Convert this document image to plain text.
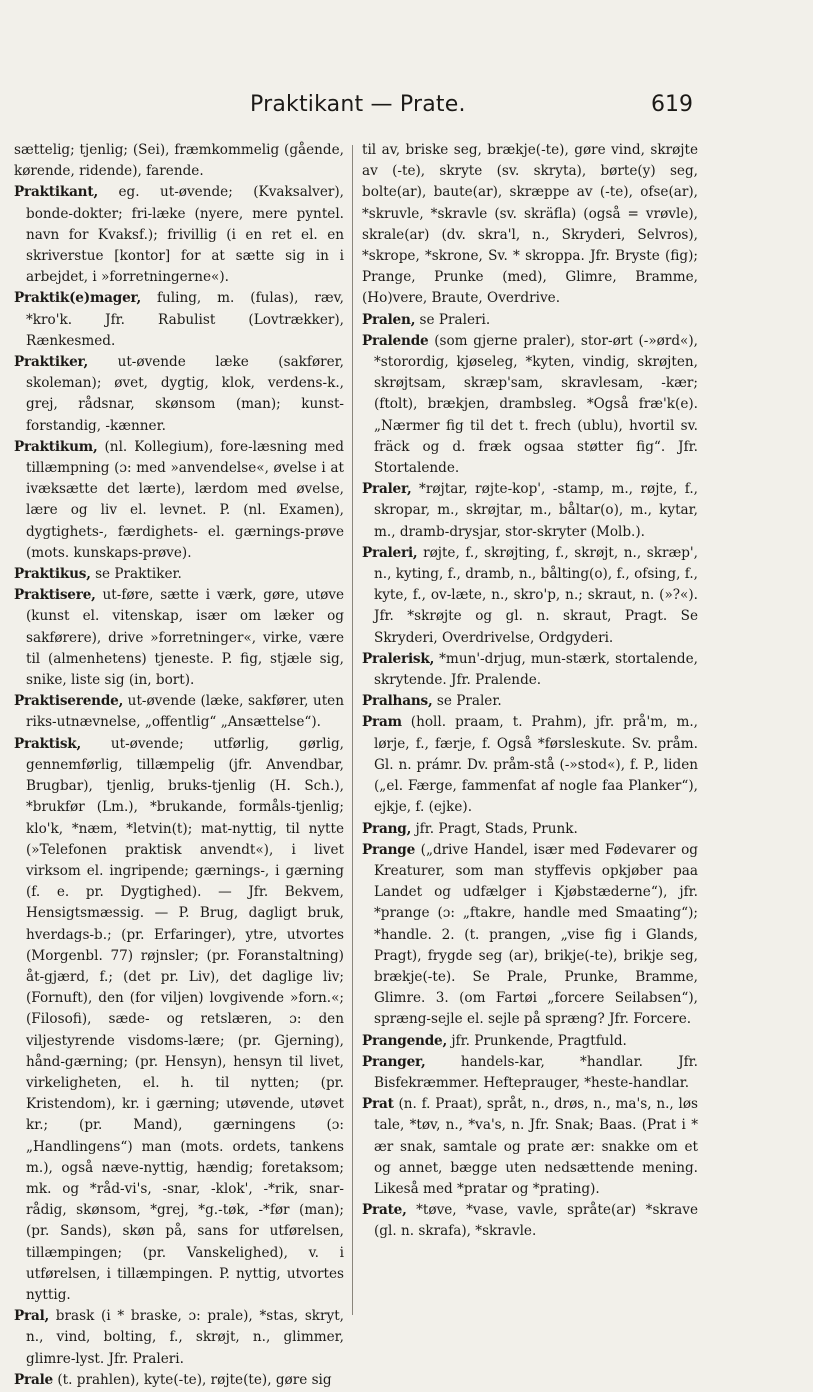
Praktikant — Prate.	619

sættelig; tjenlig; (Sei), fræmkommelig (gående, kørende, ridende), farende.

Praktikant, eg. ut-øvende; (Kvaksalver), bonde-dokter; fri-læke (nyere, mere pyntel. navn for Kvaksf.); frivillig (i en ret el. en skriverstue [kontor] for at sætte sig in i arbejdet, i »forretningerne«).

Praktik(e)mager, fuling, m. (fulas), ræv, *kro'k. Jfr. Rabulist (Lovtrækker), Rænkesmed.

Praktiker, ut-øvende læke (sakfører, skoleman); øvet, dygtig, klok, verdens-k., grej, rådsnar, skønsom (man); kunst-forstandig, -kænner.

Praktikum, (nl. Kollegium), fore-læsning med tillæmpning (ɔ: med »anvendelse«, øvelse i at ivæksætte det lærte), lærdom med øvelse, lære og liv el. levnet. P. (nl. Examen), dygtighets-, færdighets- el. gærnings-prøve (mots. kunskaps-prøve).

Praktikus, se Praktiker.

Praktisere, ut-føre, sætte i værk, gøre, utøve (kunst el. vitenskap, især om læker og sakførere), drive »forretninger«, virke, være til (almenhetens) tjeneste. P. fig, stjæle sig, snike, liste sig (in, bort).

Praktiserende, ut-øvende (læke, sakfører, uten riks-utnævnelse, „offentlig“ „Ansættelse“).

Praktisk, ut-øvende; utførlig, gørlig, gennemførlig, tillæmpelig (jfr. Anvendbar, Brugbar), tjenlig, bruks-tjenlig (H. Sch.), *brukfør (Lm.), *brukande, formåls-tjenlig; klo'k, *næm, *letvin(t); mat-nyttig, til nytte (»Telefonen praktisk anvendt«), i livet virksom el. ingripende; gærnings-, i gærning (f. e. pr. Dygtighed). — Jfr. Bekvem, Hensigtsmæssig. — P. Brug, dagligt bruk, hverdags-b.; (pr. Erfaringer), ytre, utvortes (Morgenbl. 77) røjnsler; (pr. Foranstaltning) åt-gjærd, f.; (det pr. Liv), det daglige liv; (Fornuft), den (for viljen) lovgivende »forn.«; (Filosofi), sæde- og retslæren, ɔ: den viljestyrende visdoms-lære; (pr. Gjerning), hånd-gærning; (pr. Hensyn), hensyn til livet, virkeligheten, el. h. til nytten; (pr. Kristendom), kr. i gærning; utøvende, utøvet kr.; (pr. Mand), gærningens (ɔ: „Handlingens“) man (mots. ordets, tankens m.), også næve-nyttig, hændig; foretaksom; mk. og *råd-vi's, -snar, -klok', -*rik, snar-rådig, skønsom, *grej, *g.-tøk, -*før (man); (pr. Sands), skøn på, sans for utførelsen, tillæmpingen; (pr. Vanskelighed), v. i utførelsen, i tillæmpingen. P. nyttig, utvortes nyttig.

Pral, brask (i * braske, ɔ: prale), *stas, skryt, n., vind, bolting, f., skrøjt, n., glimmer, glimre-lyst. Jfr. Praleri.

Prale (t. prahlen), kyte(-te), røjte(te), gøre sig

til av, briske seg, brækje(-te), gøre vind, skrøjte av (-te), skryte (sv. skryta), børte(y) seg, bolte(ar), baute(ar), skræppe av (-te), ofse(ar), *skruvle, *skravle (sv. skräfla) (også = vrøvle), skrale(ar) (dv. skra'l, n., Skryderi, Selvros), *skrope, *skrone, Sv. * skroppa. Jfr. Bryste (fig); Prange, Prunke (med), Glimre, Bramme, (Ho)vere, Braute, Overdrive.

Pralen, se Praleri.

Pralende (som gjerne praler), stor-ørt (-»ørd«), *storordig, kjøseleg, *kyten, vindig, skrøjten, skrøjtsam, skræp'sam, skravlesam, -kær; (ftolt), brækjen, drambsleg. *Også fræ'k(e). „Nærmer fig til det t. frech (ublu), hvortil sv. fräck og d. fræk ogsaa støtter fig“. Jfr. Stortalende.

Praler, *røjtar, røjte-kop', -stamp, m., røjte, f., skropar, m., skrøjtar, m., båltar(o), m., kytar, m., dramb-drysjar, stor-skryter (Molb.).

Praleri, røjte, f., skrøjting, f., skrøjt, n., skræp', n., kyting, f., dramb, n., bålting(o), f., ofsing, f., kyte, f., ov-læte, n., skro'p, n.; skraut, n. (»?«). Jfr. *skrøjte og gl. n. skraut, Pragt. Se Skryderi, Overdrivelse, Ordgyderi.

Pralerisk, *mun'-drjug, mun-stærk, stortalende, skrytende. Jfr. Pralende.

Pralhans, se Praler.

Pram (holl. praam, t. Prahm), jfr. prå'm, m., lørje, f., færje, f. Også *førsleskute. Sv. pråm. Gl. n. prámr. Dv. pråm-stå (-»stod«), f. P., liden („el. Færge, fammenfat af nogle faa Planker“), ejkje, f. (ejke).

Prang, jfr. Pragt, Stads, Prunk.

Prange („drive Handel, især med Fødevarer og Kreaturer, som man styffevis opkjøber paa Landet og udfælger i Kjøbstæderne“), jfr. *prange (ɔ: „ftakre, handle med Smaating“); *handle. 2. (t. prangen, „vise fig i Glands, Pragt), frygde seg (ar), brikje(-te), brikje seg, brækje(-te). Se Prale, Prunke, Bramme, Glimre. 3. (om Fartøi „forcere Seilabsen“), spræng-sejle el. sejle på spræng? Jfr. Forcere.

Prangende, jfr. Prunkende, Pragtfuld.

Pranger, handels-kar, *handlar. Jfr. Bisfekræmmer. Hefteprauger, *heste-handlar.

Prat (n. f. Praat), språt, n., drøs, n., ma's, n., løs tale, *tøv, n., *va's, n. Jfr. Snak; Baas. (Prat i * ær snak, samtale og prate ær: snakke om et og annet, bægge uten nedsættende mening. Likeså med *pratar og *prating).

Prate, *tøve, *vase, vavle, språte(ar) *skrave (gl. n. skrafa), *skravle.
